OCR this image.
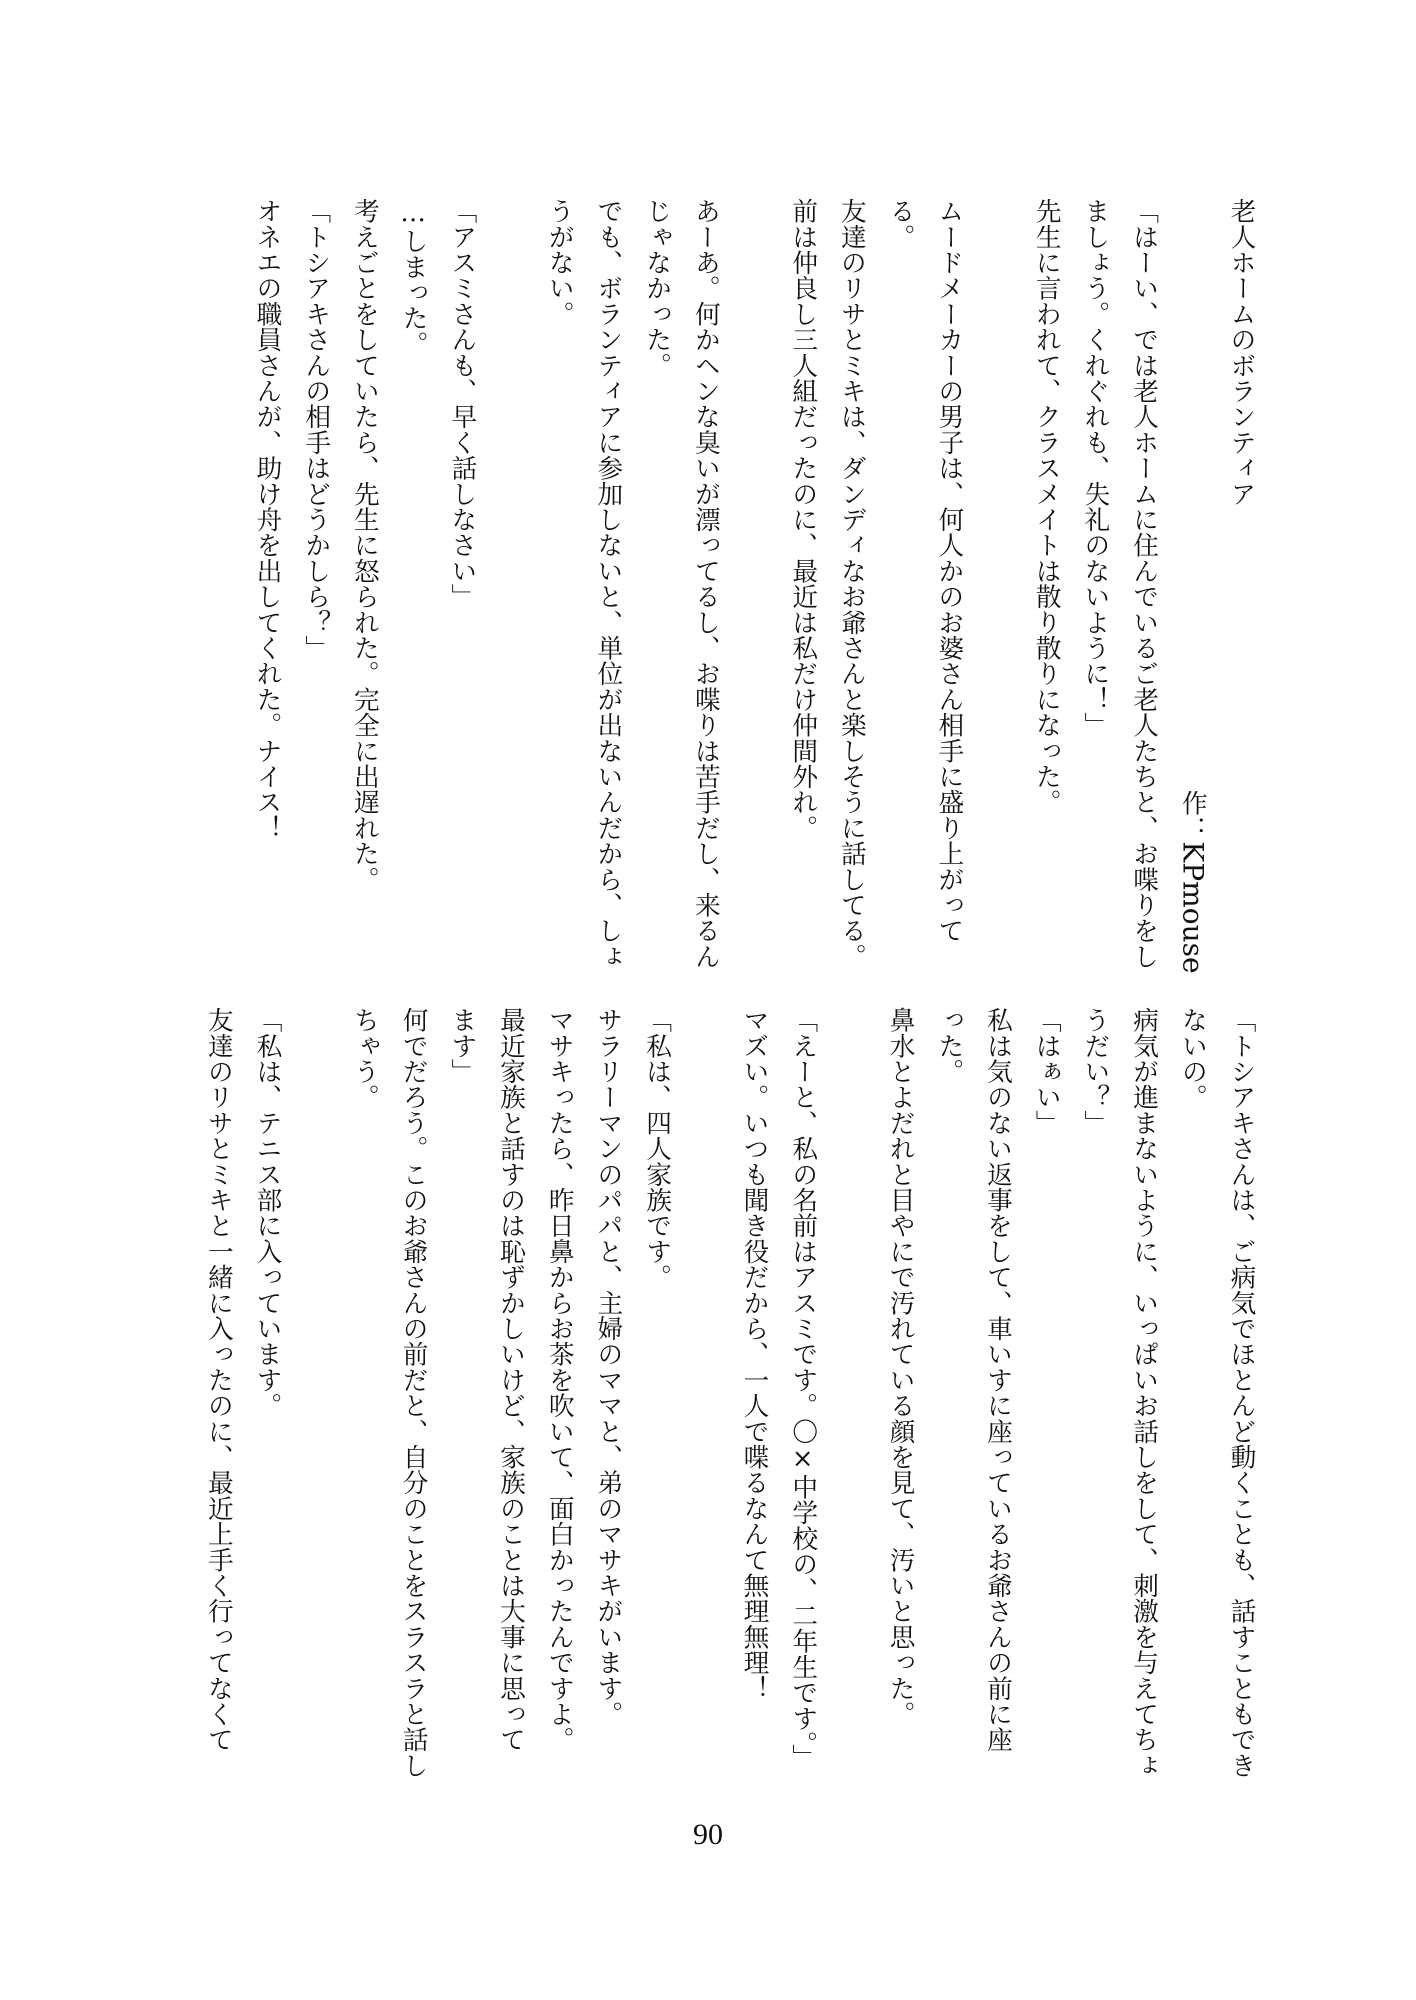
老人ホームのボランティア
作：KPmouse
「はーい、では老人ホームに住んでいるご老人たちと、お喋りをし
ましょう。くれぐれも、失礼のないように！」
先生に言われて、クラスメイトは散り散りになった。
ムードメーカーの男子は、何人かのお婆さん相手に盛り上がって
る。
友達のリサとミキは、ダンディなお爺さんと楽しそうに話してる。
前は仲良し三人組だったのに、最近は私だけ仲間外れ。
あーあ。何かヘンな臭いが漂ってるし、お喋りは苦手だし、来るん
じゃなかった。
でも、ボランティアに参加しないと、単位が出ないんだから、しょ
うがない。
「アスミさんも、早く話しなさい」
…しまった。
考えごとをしていたら、先生に怒られた。完全に出遅れた。
「トシアキさんの相手はどうかしら？」
オネエの職員さんが、助け舟を出してくれた。ナイス！
「トシアキさんは、ご病気でほとんど動くことも、話すこともでき
ないの。
病気が進まないように、いっぱいお話しをして、刺激を与えてちょ
うだい？」
「はぁい」
私は気のない返事をして、車いすに座っているお爺さんの前に座
った。
鼻水とよだれと目やにで汚れている顔を見て、汚いと思った。
「えーと、私の名前はアスミです。〇×中学校の、二年生です。」
マズい。いつも聞き役だから、一人で喋るなんて無理無理！
「私は、四人家族です。
サラリーマンのパパと、主婦のママと、弟のマサキがいます。
マサキったら、昨日鼻からお茶を吹いて、面白かったんですよ。
最近家族と話すのは恥ずかしいけど、家族のことは大事に思って
ます」
何でだろう。このお爺さんの前だと、自分のことをスラスラと話し
ちゃう。
「私は、テニス部に入っています。
友達のリサとミキと一緒に入ったのに、最近上手く行ってなくて
90
